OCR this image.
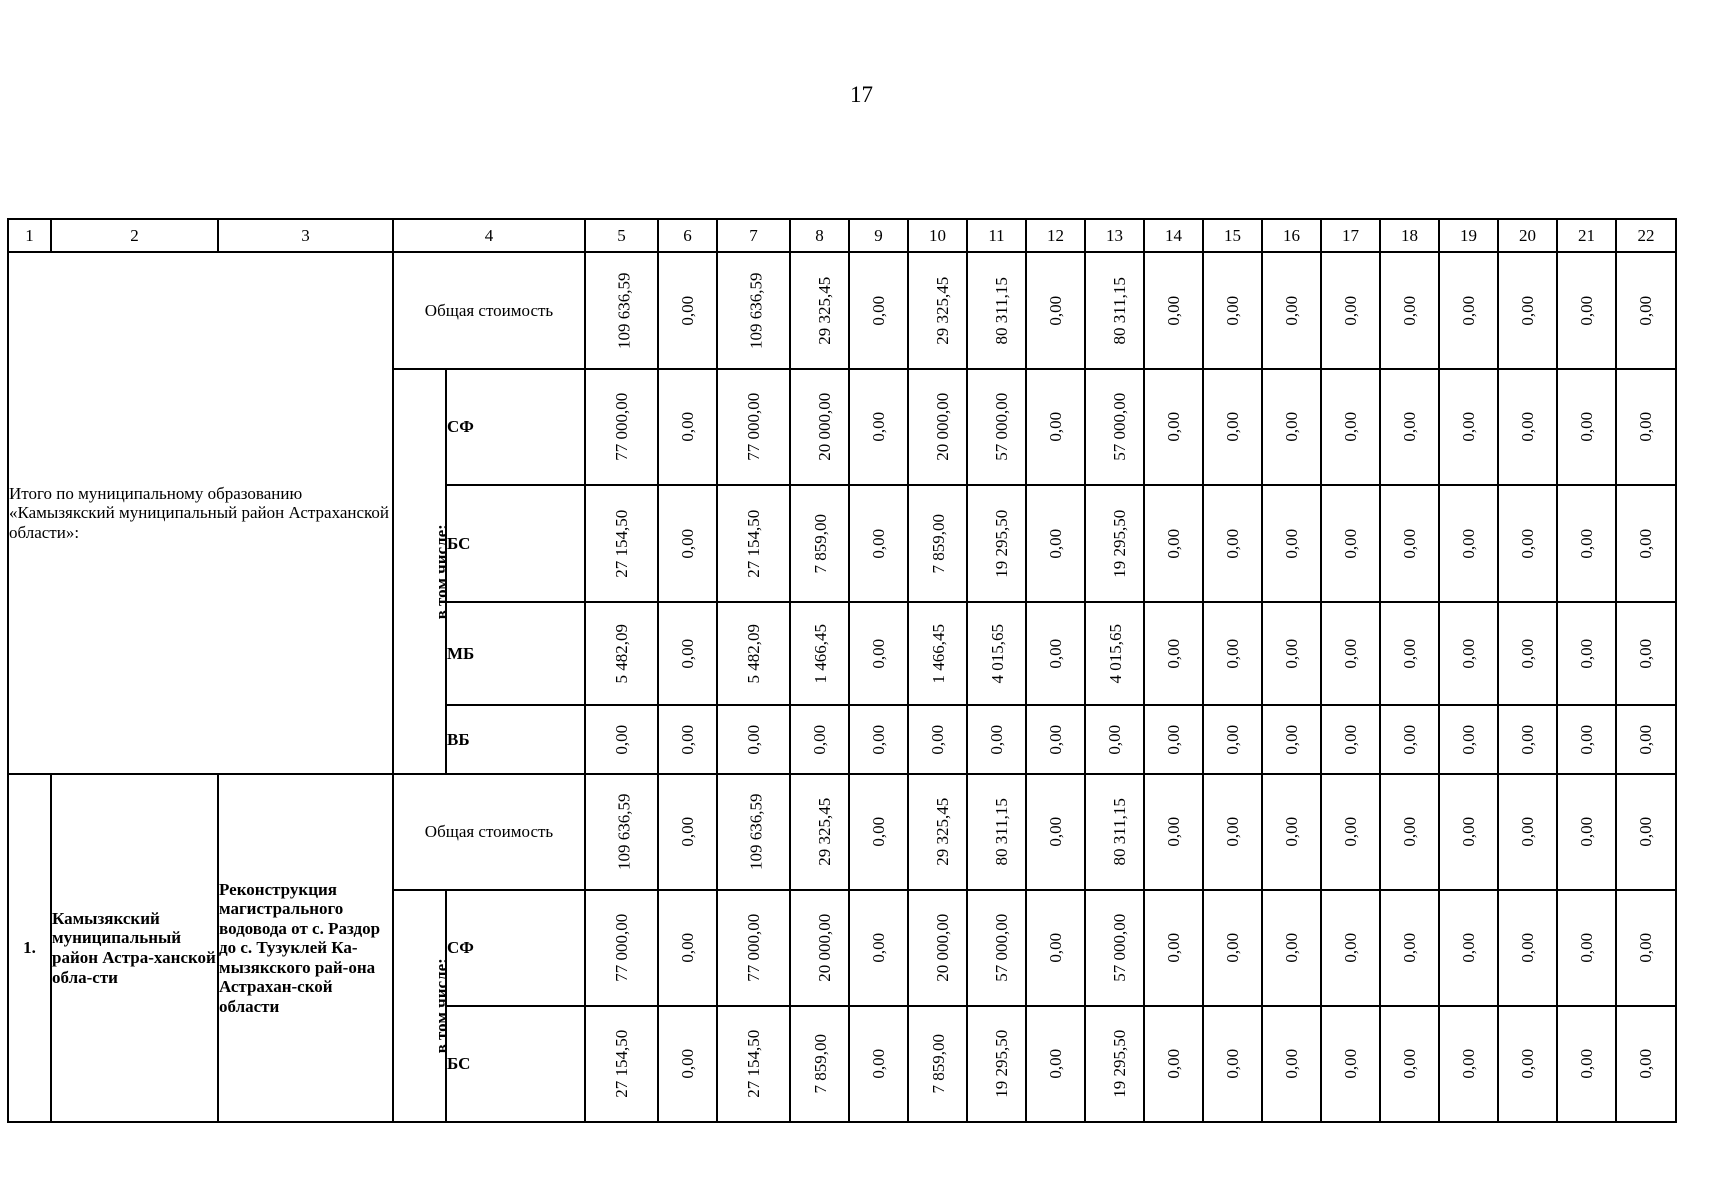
17
1	2	3	4		5	6	7	8	9	10	11	12	13	14	15	16	17	18	19	20	21	22
Итого по муниципальному образованию «Камызякский муниципальный район Астраханской области»:			Общая стоимость		109 636,59	0,00	109 636,59	29 325,45	0,00	29 325,45	80 311,15	0,00	80 311,15	0,00	0,00	0,00	0,00	0,00	0,00	0,00	0,00	0,00
			в том числе:	СФ	77 000,00	0,00	77 000,00	20 000,00	0,00	20 000,00	57 000,00	0,00	57 000,00	0,00	0,00	0,00	0,00	0,00	0,00	0,00	0,00	0,00
				БС	27 154,50	0,00	27 154,50	7 859,00	0,00	7 859,00	19 295,50	0,00	19 295,50	0,00	0,00	0,00	0,00	0,00	0,00	0,00	0,00	0,00
				МБ	5 482,09	0,00	5 482,09	1 466,45	0,00	1 466,45	4 015,65	0,00	4 015,65	0,00	0,00	0,00	0,00	0,00	0,00	0,00	0,00	0,00
				ВБ	0,00	0,00	0,00	0,00	0,00	0,00	0,00	0,00	0,00	0,00	0,00	0,00	0,00	0,00	0,00	0,00	0,00	0,00
1.	Камызякский муниципальный район Астра-ханской обла-сти	Реконструкция магистрального водовода от с. Раздор до с. Тузуклей Ка-мызякского рай-она Астрахан-ской области	Общая стоимость		109 636,59	0,00	109 636,59	29 325,45	0,00	29 325,45	80 311,15	0,00	80 311,15	0,00	0,00	0,00	0,00	0,00	0,00	0,00	0,00	0,00
			в том числе:	СФ	77 000,00	0,00	77 000,00	20 000,00	0,00	20 000,00	57 000,00	0,00	57 000,00	0,00	0,00	0,00	0,00	0,00	0,00	0,00	0,00	0,00
				БС	27 154,50	0,00	27 154,50	7 859,00	0,00	7 859,00	19 295,50	0,00	19 295,50	0,00	0,00	0,00	0,00	0,00	0,00	0,00	0,00	0,00
